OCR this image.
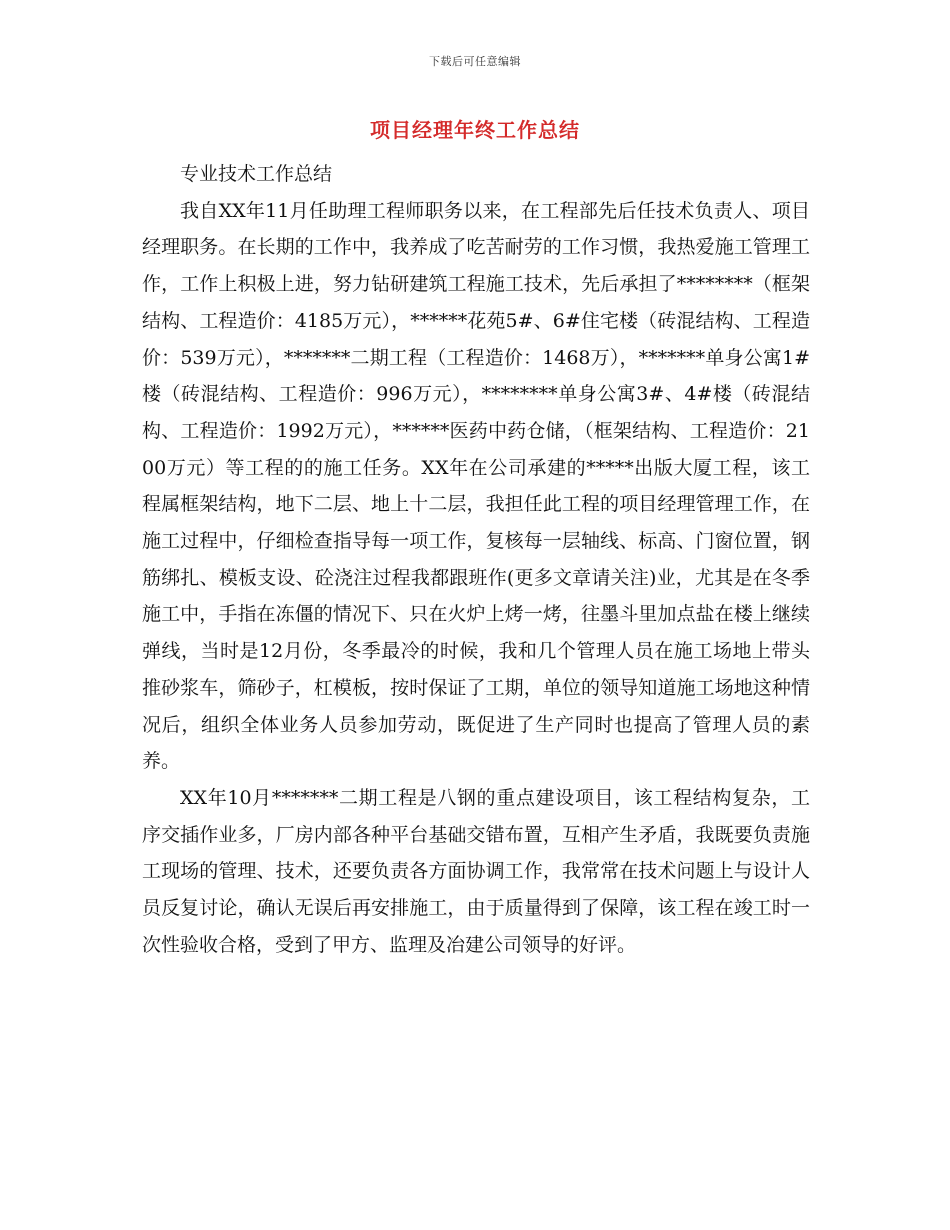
下载后可任意编辑
项目经理年终工作总结

专业技术工作总结

我自XX年11月任助理工程师职务以来，在工程部先后任技术负责人、项目经理职务。在长期的工作中，我养成了吃苦耐劳的工作习惯，我热爱施工管理工作，工作上积极上进，努力钻研建筑工程施工技术，先后承担了********（框架结构、工程造价：4185万元），******花苑5#、6#住宅楼（砖混结构、工程造价：539万元），*******二期工程（工程造价：1468万），*******单身公寓1#楼（砖混结构、工程造价：996万元），********单身公寓3#、4#楼（砖混结构、工程造价：1992万元），******医药中药仓储，（框架结构、工程造价：2100万元）等工程的的施工任务。XX年在公司承建的*****出版大厦工程，该工程属框架结构，地下二层、地上十二层，我担任此工程的项目经理管理工作，在施工过程中，仔细检查指导每一项工作，复核每一层轴线、标高、门窗位置，钢筋绑扎、模板支设、砼浇注过程我都跟班作(更多文章请关注)业，尤其是在冬季施工中，手指在冻僵的情况下、只在火炉上烤一烤，往墨斗里加点盐在楼上继续弹线，当时是12月份，冬季最冷的时候，我和几个管理人员在施工场地上带头推砂浆车，筛砂子，杠模板，按时保证了工期，单位的领导知道施工场地这种情况后，组织全体业务人员参加劳动，既促进了生产同时也提高了管理人员的素养。

XX年10月*******二期工程是八钢的重点建设项目，该工程结构复杂，工序交插作业多，厂房内部各种平台基础交错布置，互相产生矛盾，我既要负责施工现场的管理、技术，还要负责各方面协调工作，我常常在技术问题上与设计人员反复讨论，确认无误后再安排施工，由于质量得到了保障，该工程在竣工时一次性验收合格，受到了甲方、监理及冶建公司领导的好评。
